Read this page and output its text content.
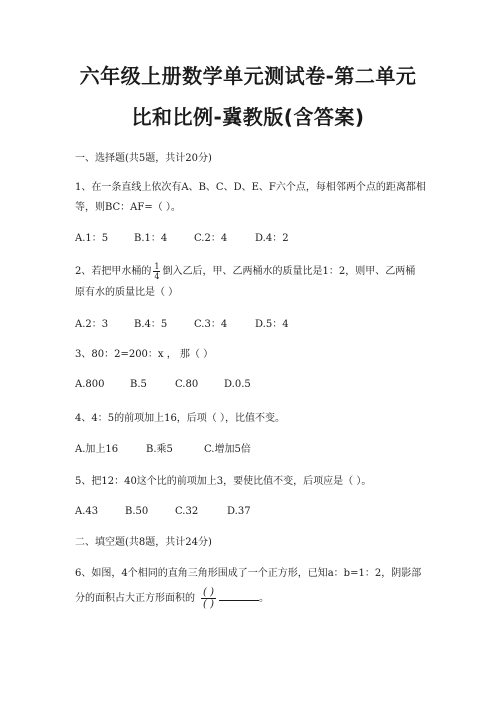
六年级上册数学单元测试卷-第二单元
比和比例-冀教版(含答案)
一、选择题(共5题，共计20分)
1、在一条直线上依次有A、B、C、D、E、F六个点，每相邻两个点的距离都相
等，则BC：AF=（ ）。
A.1：5	B.1：4	C.2：4	D.4：2
2、若把甲水桶的 $\frac{1}{4}$ 倒入乙后，甲、乙两桶水的质量比是1：2，则甲、乙两桶
原有水的质量比是（ ）
A.2：3	B.4：5	C.3：4	D.5：4
3、80：2=200：x ， 那（ ）
A.800	B.5	C.80	D.0.5
4、4：5的前项加上16，后项（ ），比值不变。
A.加上16	B.乘5	C.增加5倍
5、把12：40这个比的前项加上3，要使比值不变，后项应是（ ）。
A.43	B.50	C.32	D.37
二、填空题(共8题，共计24分)
6、如图，4个相同的直角三角形围成了一个正方形，已知a：b=1：2，阴影部
分的面积占大正方形面积的 $\frac{( )}{( )}$	。
